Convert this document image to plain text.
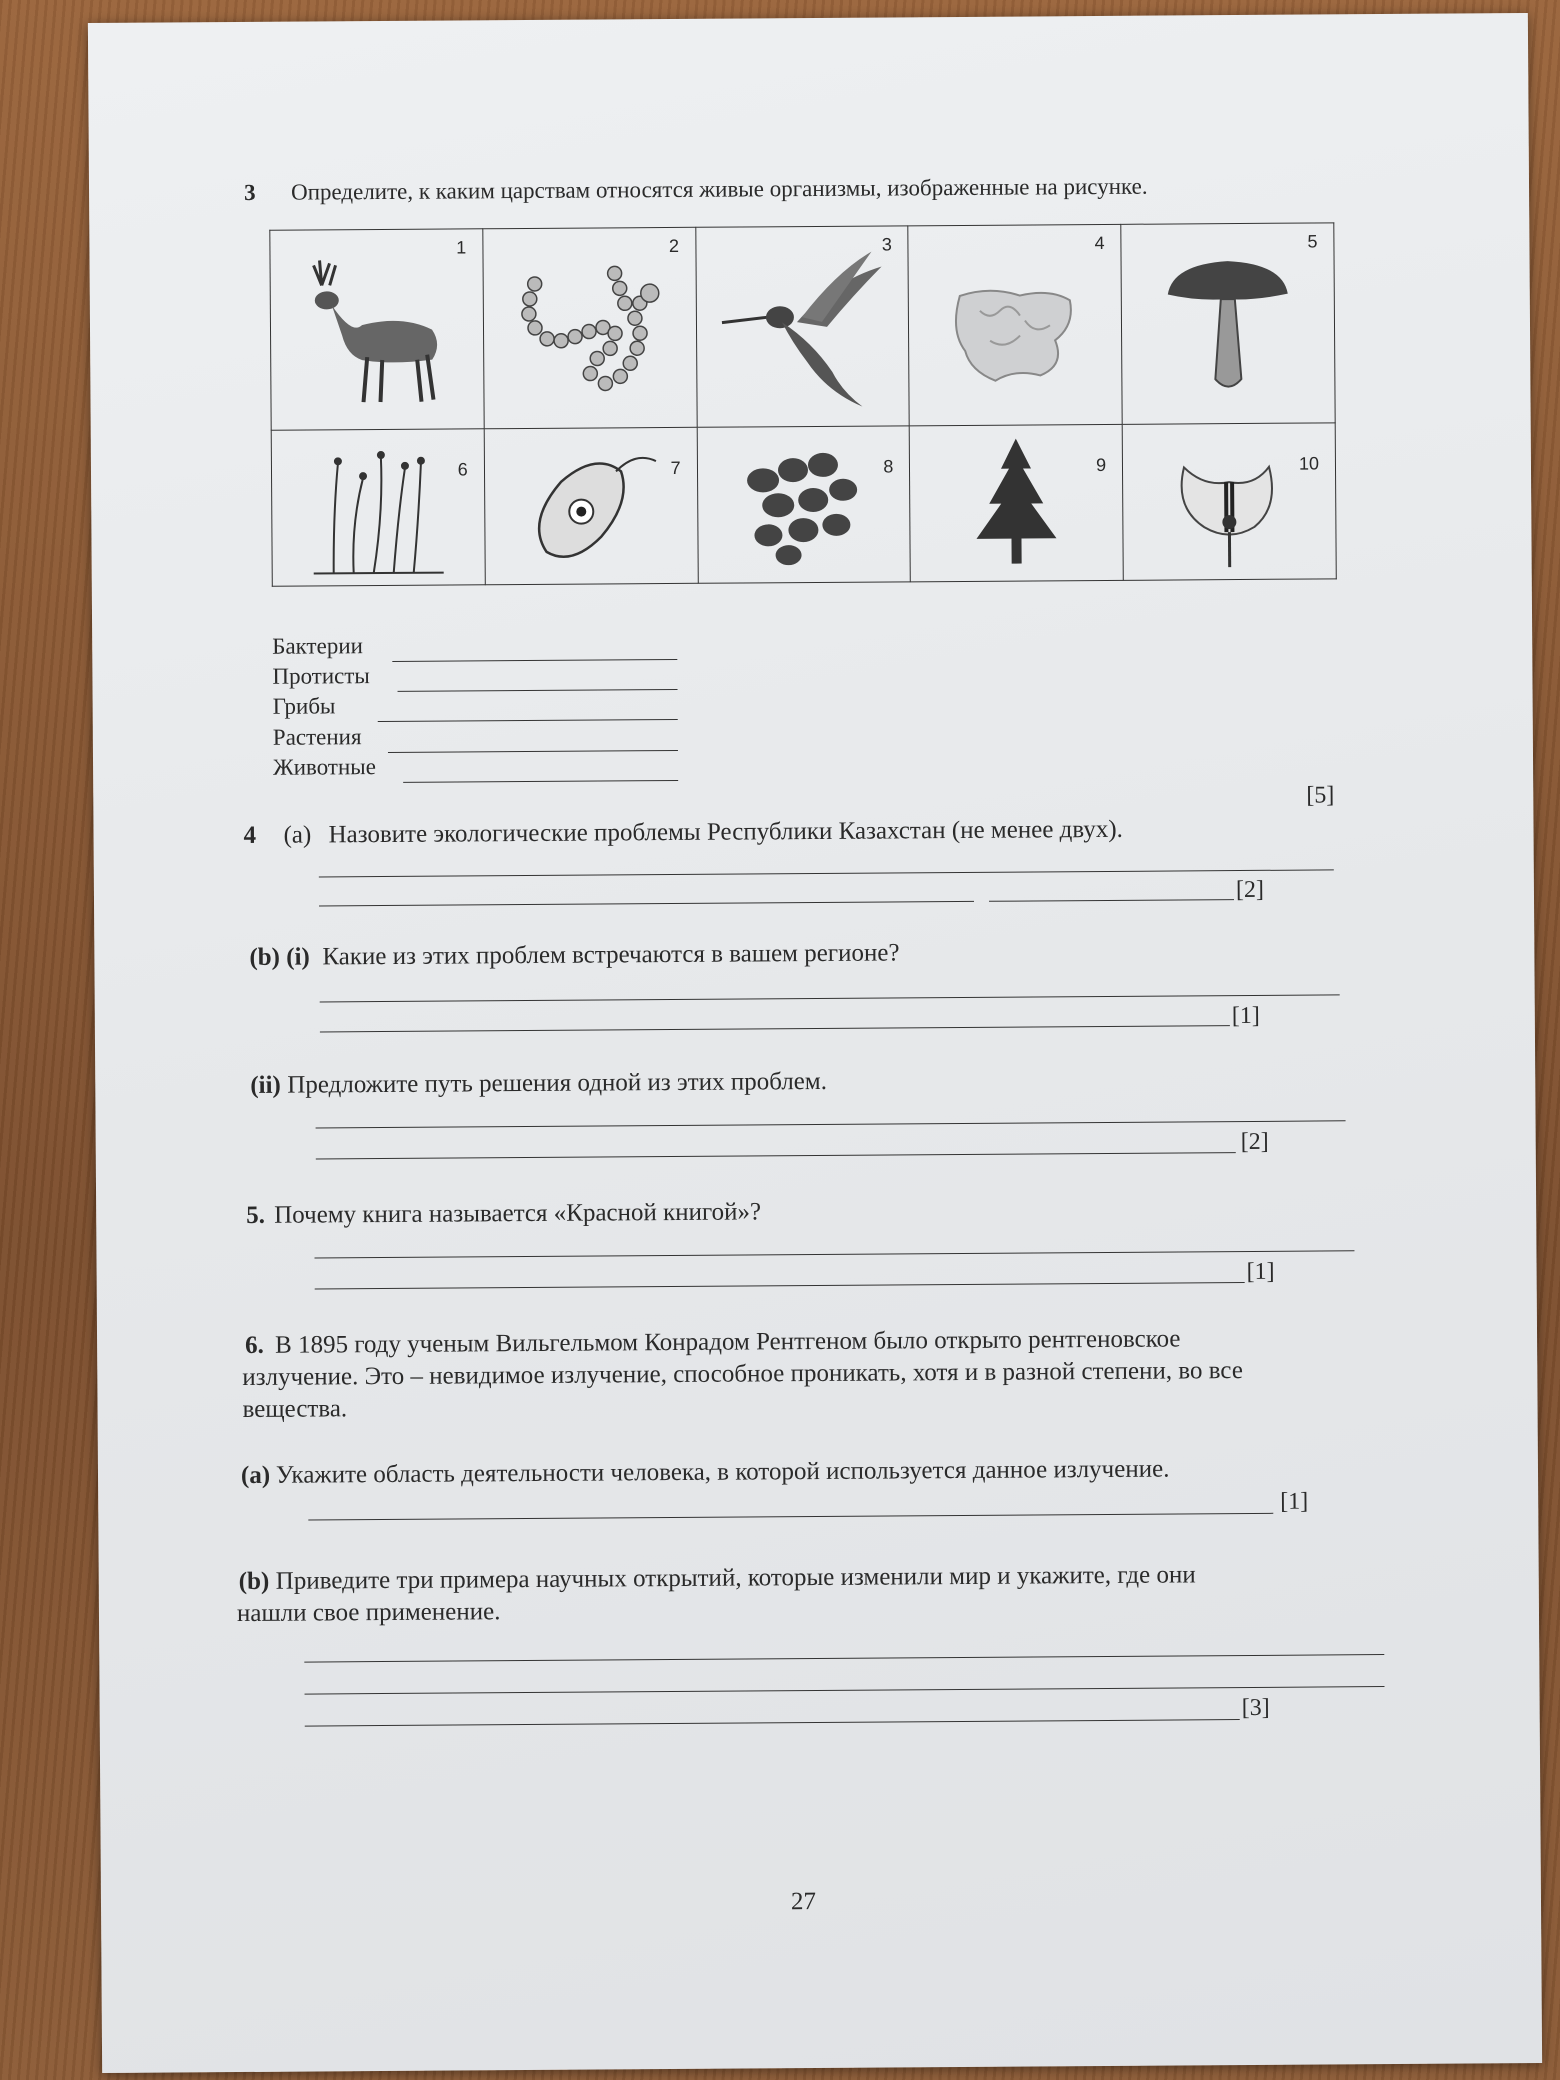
3 Определите, к каким царствам относятся живые организмы, изображенные на рисунке.
1	2	3	4	5

6	7	8	9	10
Бактерии
Протисты
Грибы
Растения
Животные
[5]
4 (а) Назовите экологические проблемы Республики Казахстан (не менее двух).
[2]
(b) (i) Какие из этих проблем встречаются в вашем регионе?
[1]
(ii) Предложите путь решения одной из этих проблем.
[2]
5. Почему книга называется «Красной книгой»?
[1]
6. В 1895 году ученым Вильгельмом Конрадом Рентгеном было открыто рентгеновское
излучение. Это – невидимое излучение, способное проникать, хотя и в разной степени, во все
вещества.
(a) Укажите область деятельности человека, в которой используется данное излучение.
[1]
(b) Приведите три примера научных открытий, которые изменили мир и укажите, где они
нашли свое применение.
[3]
27
